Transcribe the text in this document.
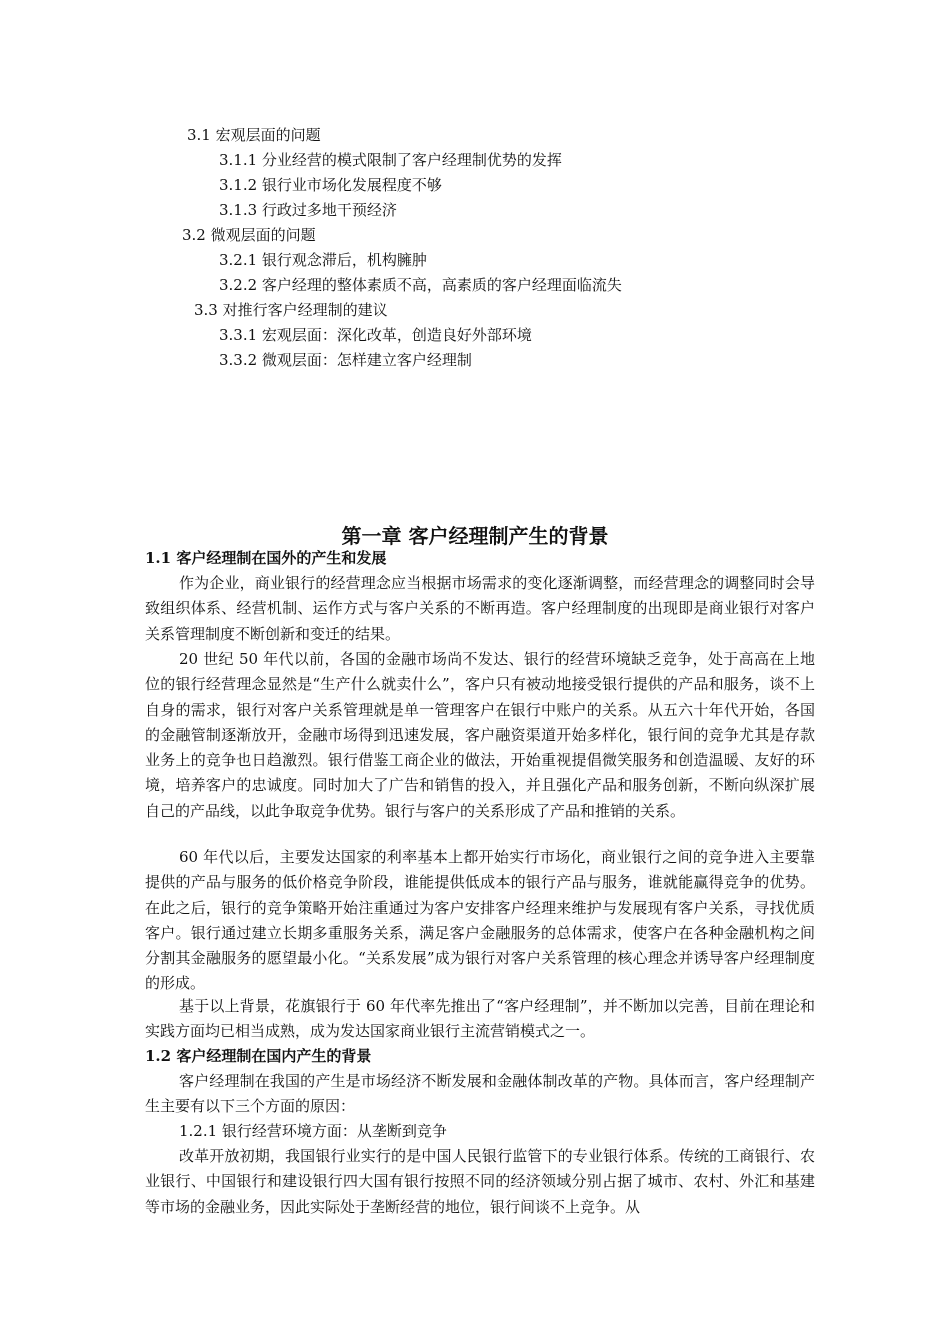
3.1 宏观层面的问题
3.1.1 分业经营的模式限制了客户经理制优势的发挥
3.1.2 银行业市场化发展程度不够
3.1.3 行政过多地干预经济
3.2 微观层面的问题
3.2.1 银行观念滞后，机构臃肿
3.2.2 客户经理的整体素质不高，高素质的客户经理面临流失
3.3 对推行客户经理制的建议
3.3.1 宏观层面：深化改革，创造良好外部环境
3.3.2 微观层面：怎样建立客户经理制
第一章 客户经理制产生的背景
1.1 客户经理制在国外的产生和发展

作为企业，商业银行的经营理念应当根据市场需求的变化逐渐调整，而经营理念的调整同时会导致组织体系、经营机制、运作方式与客户关系的不断再造。客户经理制度的出现即是商业银行对客户关系管理制度不断创新和变迁的结果。

20 世纪 50 年代以前，各国的金融市场尚不发达、银行的经营环境缺乏竞争，处于高高在上地位的银行经营理念显然是“生产什么就卖什么”，客户只有被动地接受银行提供的产品和服务，谈不上自身的需求，银行对客户关系管理就是单一管理客户在银行中账户的关系。从五六十年代开始，各国的金融管制逐渐放开，金融市场得到迅速发展，客户融资渠道开始多样化，银行间的竞争尤其是存款业务上的竞争也日趋激烈。银行借鉴工商企业的做法，开始重视提倡微笑服务和创造温暖、友好的环境，培养客户的忠诚度。同时加大了广告和销售的投入，并且强化产品和服务创新，不断向纵深扩展自己的产品线，以此争取竞争优势。银行与客户的关系形成了产品和推销的关系。

60 年代以后，主要发达国家的利率基本上都开始实行市场化，商业银行之间的竞争进入主要靠提供的产品与服务的低价格竞争阶段，谁能提供低成本的银行产品与服务，谁就能赢得竞争的优势。在此之后，银行的竞争策略开始注重通过为客户安排客户经理来维护与发展现有客户关系，寻找优质客户。银行通过建立长期多重服务关系，满足客户金融服务的总体需求，使客户在各种金融机构之间分割其金融服务的愿望最小化。“关系发展”成为银行对客户关系管理的核心理念并诱导客户经理制度的形成。

基于以上背景，花旗银行于 60 年代率先推出了“客户经理制”，并不断加以完善，目前在理论和实践方面均已相当成熟，成为发达国家商业银行主流营销模式之一。

1.2 客户经理制在国内产生的背景

客户经理制在我国的产生是市场经济不断发展和金融体制改革的产物。具体而言，客户经理制产生主要有以下三个方面的原因：

1.2.1 银行经营环境方面：从垄断到竞争

改革开放初期，我国银行业实行的是中国人民银行监管下的专业银行体系。传统的工商银行、农业银行、中国银行和建设银行四大国有银行按照不同的经济领域分别占据了城市、农村、外汇和基建等市场的金融业务，因此实际处于垄断经营的地位，银行间谈不上竞争。从
